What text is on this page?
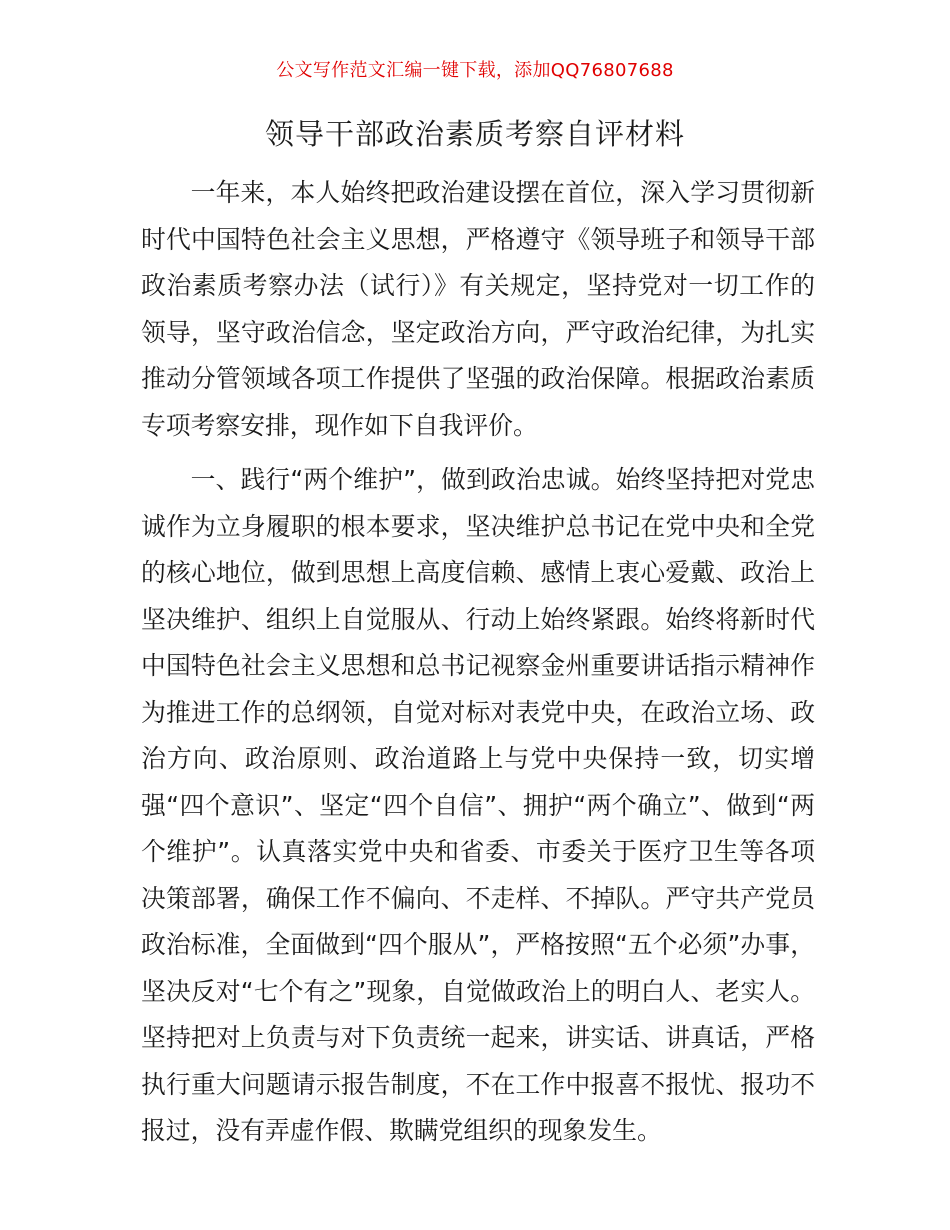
公文写作范文汇编一键下载，添加QQ76807688
领导干部政治素质考察自评材料

一年来，本人始终把政治建设摆在首位，深入学习贯彻新时代中国特色社会主义思想，严格遵守《领导班子和领导干部政治素质考察办法（试行）》有关规定，坚持党对一切工作的领导，坚守政治信念，坚定政治方向，严守政治纪律，为扎实推动分管领域各项工作提供了坚强的政治保障。根据政治素质专项考察安排，现作如下自我评价。

一、践行“两个维护”，做到政治忠诚。始终坚持把对党忠诚作为立身履职的根本要求，坚决维护总书记在党中央和全党的核心地位，做到思想上高度信赖、感情上衷心爱戴、政治上坚决维护、组织上自觉服从、行动上始终紧跟。始终将新时代中国特色社会主义思想和总书记视察金州重要讲话指示精神作为推进工作的总纲领，自觉对标对表党中央，在政治立场、政治方向、政治原则、政治道路上与党中央保持一致，切实增强“四个意识”、坚定“四个自信”、拥护“两个确立”、做到“两个维护”。认真落实党中央和省委、市委关于医疗卫生等各项决策部署，确保工作不偏向、不走样、不掉队。严守共产党员政治标准，全面做到“四个服从”，严格按照“五个必须”办事，坚决反对“七个有之”现象，自觉做政治上的明白人、老实人。坚持把对上负责与对下负责统一起来，讲实话、讲真话，严格执行重大问题请示报告制度，不在工作中报喜不报忧、报功不报过，没有弄虚作假、欺瞒党组织的现象发生。
